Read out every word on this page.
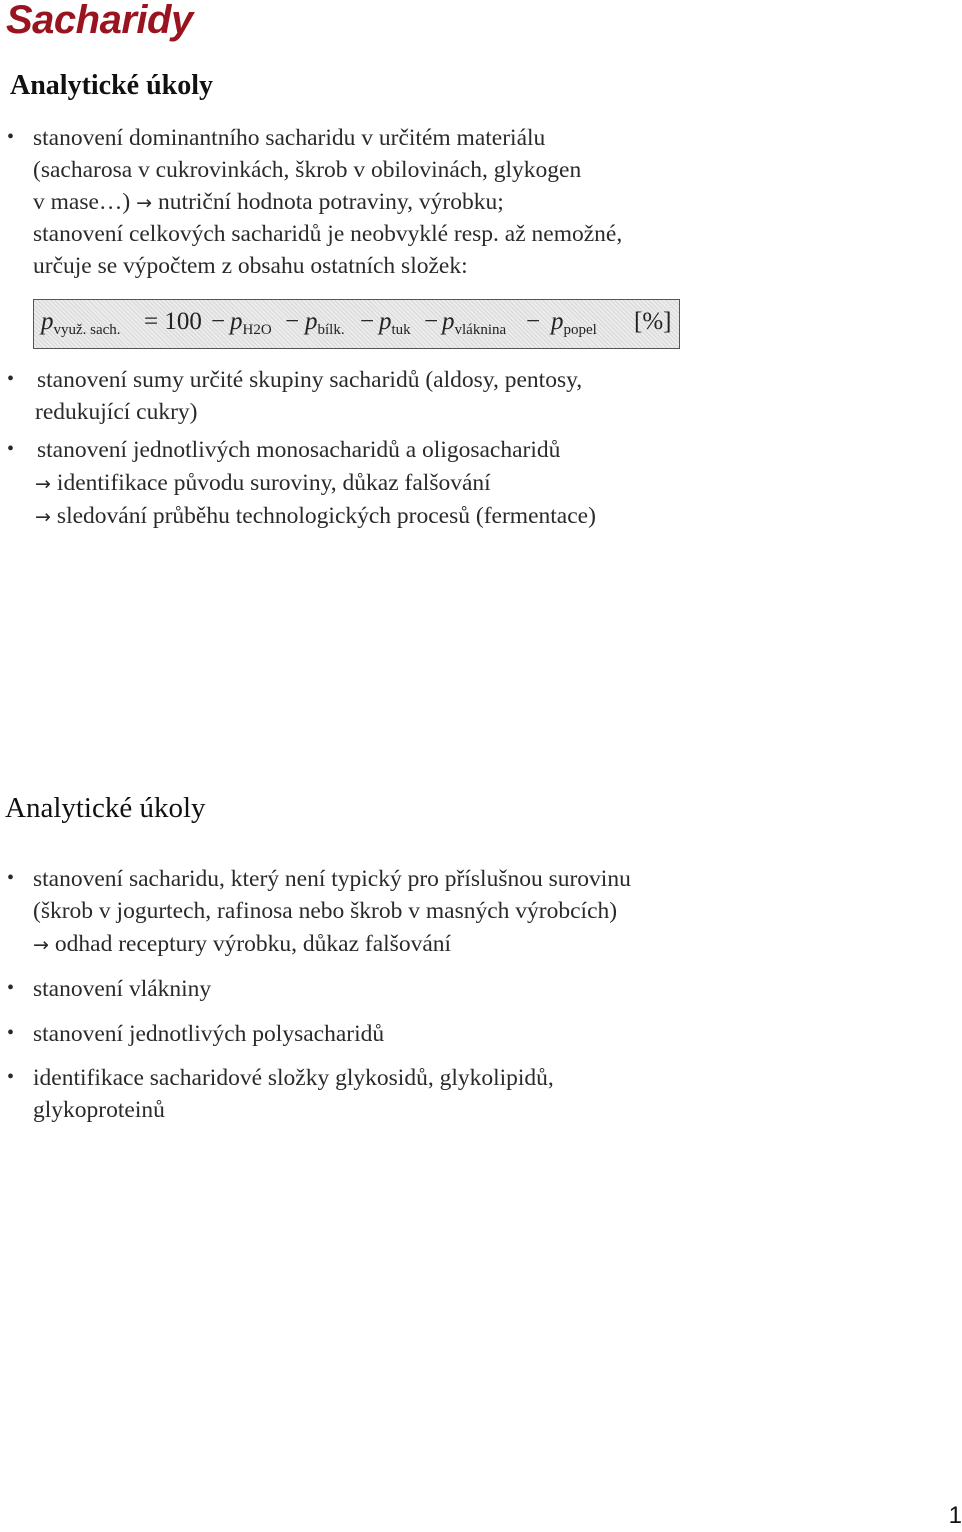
Sacharidy
Analytické úkoly
• stanovení dominantního sacharidu v určitém materiálu
(sacharosa v cukrovinkách, škrob v obilovinách, glykogen
v mase…) → nutriční hodnota potraviny, výrobku;
stanovení celkových sacharidů je neobvyklé resp. až nemožné,
určuje se výpočtem z obsahu ostatních složek:
$p_{využ. sach.} = 100 - p_{H2O} - p_{bílk.} - p_{tuk} - p_{vláknina} - p_{popel}$ [%]
• stanovení sumy určité skupiny sacharidů (aldosy, pentosy,
redukující cukry)
• stanovení jednotlivých monosacharidů a oligosacharidů
→ identifikace původu suroviny, důkaz falšování
→ sledování průběhu technologických procesů (fermentace)
Analytické úkoly
• stanovení sacharidu, který není typický pro příslušnou surovinu
(škrob v jogurtech, rafinosa nebo škrob v masných výrobcích)
→ odhad receptury výrobku, důkaz falšování
• stanovení vlákniny
• stanovení jednotlivých polysacharidů
• identifikace sacharidové složky glykosidů, glykolipidů,
glykoproteinů
1
